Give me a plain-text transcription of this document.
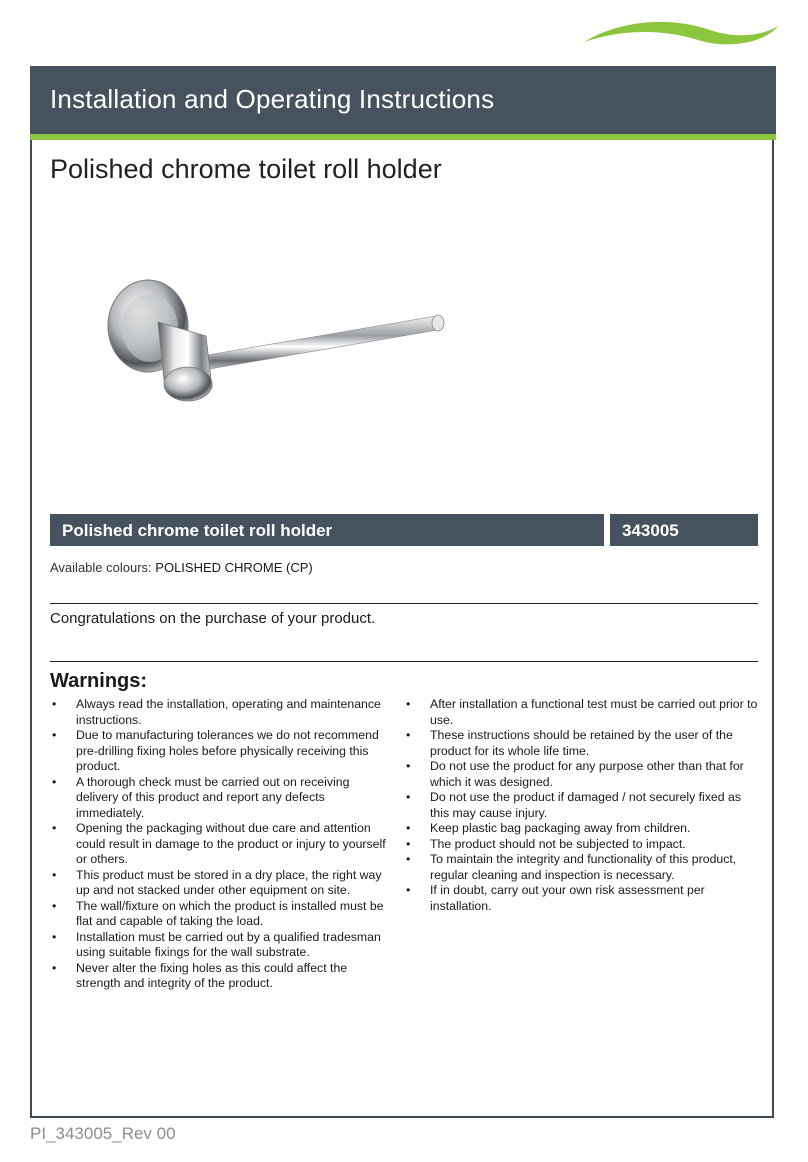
Installation and Operating Instructions
Polished chrome toilet roll holder
Polished chrome toilet roll holder	343005
Available colours: POLISHED CHROME (CP)
Congratulations on the purchase of your product.
Warnings:
• Always read the installation, operating and maintenance instructions.
• Due to manufacturing tolerances we do not recommend pre-drilling fixing holes before physically receiving this product.
• A thorough check must be carried out on receiving delivery of this product and report any defects immediately.
• Opening the packaging without due care and attention could result in damage to the product or injury to yourself or others.
• This product must be stored in a dry place, the right way up and not stacked under other equipment on site.
• The wall/fixture on which the product is installed must be flat and capable of taking the load.
• Installation must be carried out by a qualified tradesman using suitable fixings for the wall substrate.
• Never alter the fixing holes as this could affect the strength and integrity of the product.
• After installation a functional test must be carried out prior to use.
• These instructions should be retained by the user of the product for its whole life time.
• Do not use the product for any purpose other than that for which it was designed.
• Do not use the product if damaged / not securely fixed as this may cause injury.
• Keep plastic bag packaging away from children.
• The product should not be subjected to impact.
• To maintain the integrity and functionality of this product, regular cleaning and inspection is necessary.
• If in doubt, carry out your own risk assessment per installation.
PI_343005_Rev 00
